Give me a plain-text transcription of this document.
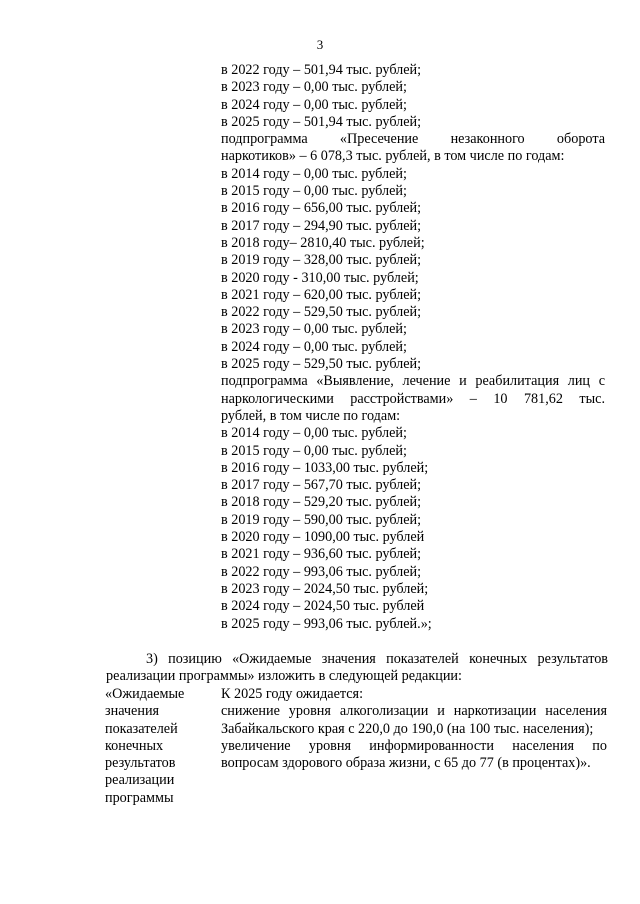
3
в 2022 году – 501,94 тыс. рублей;
в 2023 году – 0,00 тыс. рублей;
в 2024 году – 0,00 тыс. рублей;
в 2025 году – 501,94 тыс. рублей;
подпрограмма «Пресечение незаконного оборота
наркотиков» – 6 078,3 тыс. рублей, в том числе по годам:
в 2014 году – 0,00 тыс. рублей;
в 2015 году – 0,00 тыс. рублей;
в 2016 году – 656,00 тыс. рублей;
в 2017 году – 294,90 тыс. рублей;
в 2018 году– 2810,40 тыс. рублей;
в 2019 году – 328,00 тыс. рублей;
в 2020 году - 310,00 тыс. рублей;
в 2021 году – 620,00 тыс. рублей;
в 2022 году – 529,50 тыс. рублей;
в 2023 году – 0,00 тыс. рублей;
в 2024 году – 0,00 тыс. рублей;
в 2025 году – 529,50 тыс. рублей;
подпрограмма «Выявление, лечение и реабилитация лиц с
наркологическими расстройствами» – 10 781,62 тыс.
рублей, в том числе по годам:
в 2014 году – 0,00 тыс. рублей;
в 2015 году – 0,00 тыс. рублей;
в 2016 году – 1033,00 тыс. рублей;
в 2017 году – 567,70 тыс. рублей;
в 2018 году – 529,20 тыс. рублей;
в 2019 году – 590,00 тыс. рублей;
в 2020 году – 1090,00 тыс. рублей
в 2021 году – 936,60 тыс. рублей;
в 2022 году – 993,06 тыс. рублей;
в 2023 году – 2024,50 тыс. рублей;
в 2024 году – 2024,50 тыс. рублей
в 2025 году – 993,06 тыс. рублей.»;
3) позицию «Ожидаемые значения показателей конечных результатов реализации программы» изложить в следующей редакции:
«Ожидаемые
значения
показателей
конечных
результатов
реализации
программы
К 2025 году ожидается:
снижение уровня алкоголизации и наркотизации населения Забайкальского края с 220,0 до 190,0 (на 100 тыс. населения);
увеличение уровня информированности населения по вопросам здорового образа жизни, с 65 до 77 (в процентах)».
